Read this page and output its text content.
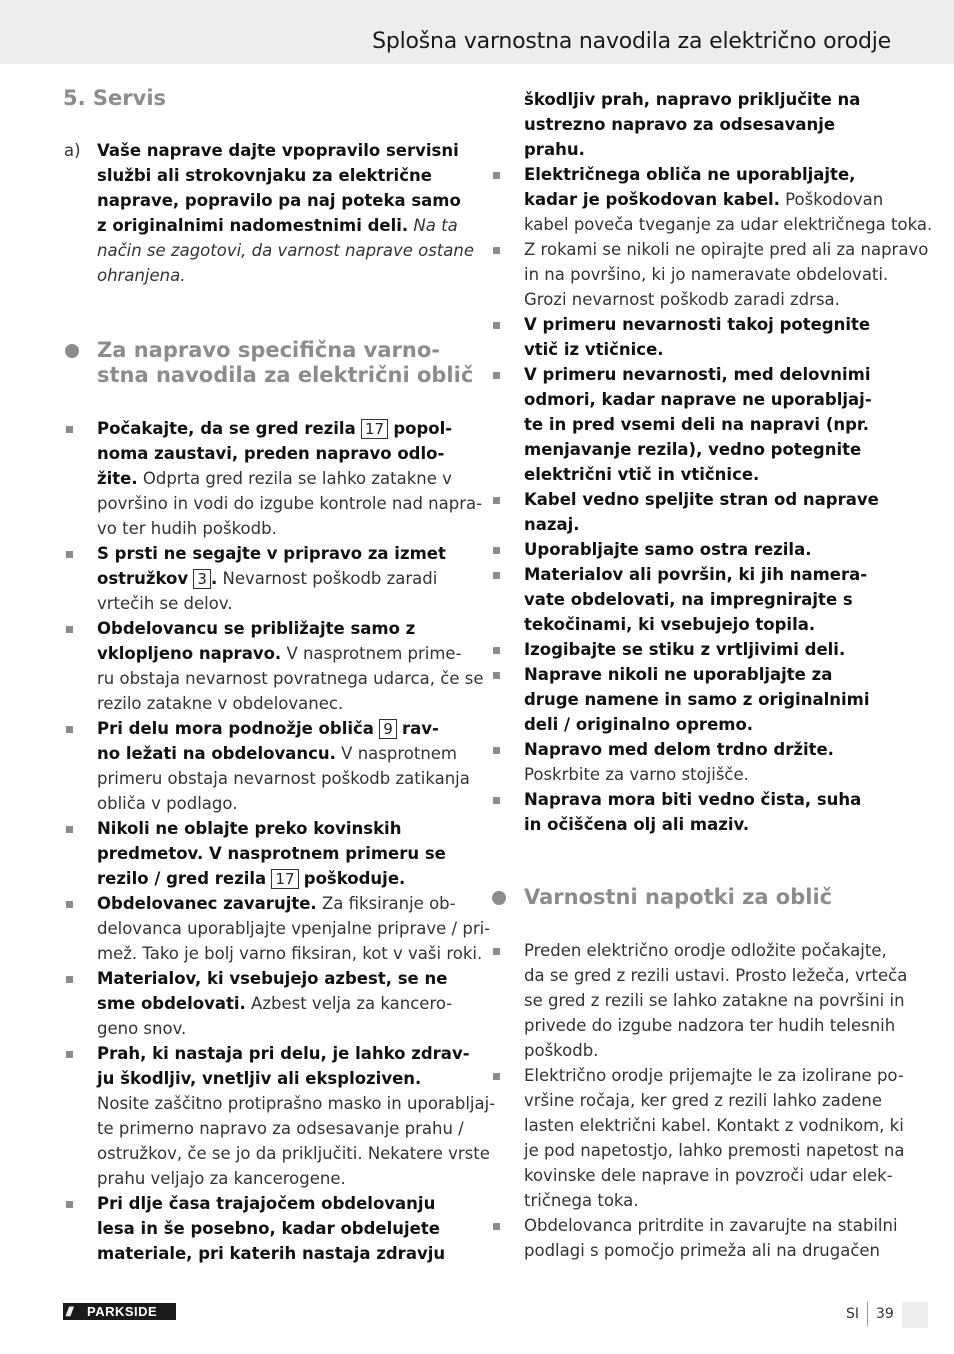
Splošna varnostna navodila za električno orodje
5. Servis
a) Vaše naprave dajte vpopravilo servisni
službi ali strokovnjaku za električne
naprave, popravilo pa naj poteka samo
z originalnimi nadomestnimi deli. Na ta
način se zagotovi, da varnost naprave ostane
ohranjena.
Za napravo specifična varno-
stna navodila za električni oblič
Počakajte, da se gred rezila 17 popol-
noma zaustavi, preden napravo odlo-
žite. Odprta gred rezila se lahko zatakne v
površino in vodi do izgube kontrole nad napra-
vo ter hudih poškodb.
S prsti ne segajte v pripravo za izmet
ostružkov 3 . Nevarnost poškodb zaradi
vrtečih se delov.
Obdelovancu se približajte samo z
vklopljeno napravo. V nasprotnem prime-
ru obstaja nevarnost povratnega udarca, če se
rezilo zatakne v obdelovanec.
Pri delu mora podnožje obliča 9 rav-
no ležati na obdelovancu. V nasprotnem
primeru obstaja nevarnost poškodb zatikanja
obliča v podlago.
Nikoli ne oblajte preko kovinskih
predmetov. V nasprotnem primeru se
rezilo / gred rezila 17 poškoduje.
Obdelovanec zavarujte. Za fiksiranje ob-
delovanca uporabljajte vpenjalne priprave / pri-
mež. Tako je bolj varno fiksiran, kot v vaši roki.
Materialov, ki vsebujejo azbest, se ne
sme obdelovati. Azbest velja za kancero-
geno snov.
Prah, ki nastaja pri delu, je lahko zdrav-
ju škodljiv, vnetljiv ali eksploziven.
Nosite zaščitno protiprašno masko in uporabljaj-
te primerno napravo za odsesavanje prahu /
ostružkov, če se jo da priključiti. Nekatere vrste
prahu veljajo za kancerogene.
Pri dlje časa trajajočem obdelovanju
lesa in še posebno, kadar obdelujete
materiale, pri katerih nastaja zdravju
škodljiv prah, napravo priključite na
ustrezno napravo za odsesavanje
prahu.
Električnega obliča ne uporabljajte,
kadar je poškodovan kabel. Poškodovan
kabel poveča tveganje za udar električnega toka.
Z rokami se nikoli ne opirajte pred ali za napravo
in na površino, ki jo nameravate obdelovati.
Grozi nevarnost poškodb zaradi zdrsa.
V primeru nevarnosti takoj potegnite
vtič iz vtičnice.
V primeru nevarnosti, med delovnimi
odmori, kadar naprave ne uporabljaj-
te in pred vsemi deli na napravi (npr.
menjavanje rezila), vedno potegnite
električni vtič in vtičnice.
Kabel vedno speljite stran od naprave
nazaj.
Uporabljajte samo ostra rezila.
Materialov ali površin, ki jih namera-
vate obdelovati, na impregnirajte s
tekočinami, ki vsebujejo topila.
Izogibajte se stiku z vrtljivimi deli.
Naprave nikoli ne uporabljajte za
druge namene in samo z originalnimi
deli / originalno opremo.
Napravo med delom trdno držite.
Poskrbite za varno stojišče.
Naprava mora biti vedno čista, suha
in očiščena olj ali maziv.
Varnostni napotki za oblič
Preden električno orodje odložite počakajte,
da se gred z rezili ustavi. Prosto ležeča, vrteča
se gred z rezili se lahko zatakne na površini in
privede do izgube nadzora ter hudih telesnih
poškodb.
Električno orodje prijemajte le za izolirane po-
vršine ročaja, ker gred z rezili lahko zadene
lasten električni kabel. Kontakt z vodnikom, ki
je pod napetostjo, lahko premosti napetost na
kovinske dele naprave in povzroči udar elek-
tričnega toka.
Obdelovanca pritrdite in zavarujte na stabilni
podlagi s pomočjo primeža ali na drugačen
/// PARKSIDE	SI 39
